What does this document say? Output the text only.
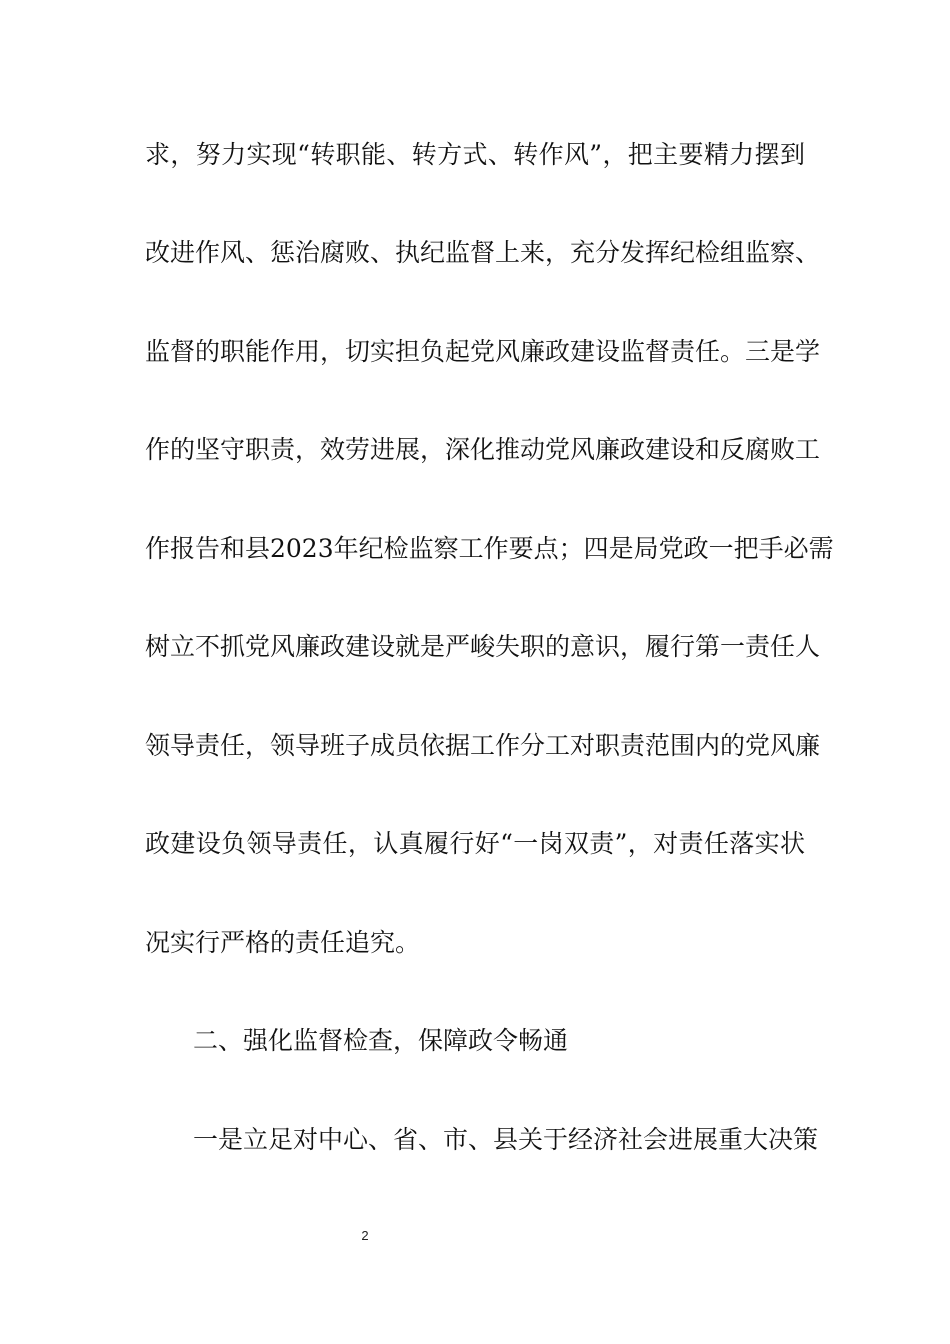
求，努力实现“转职能、转方式、转作风”，把主要精力摆到
改进作风、惩治腐败、执纪监督上来，充分发挥纪检组监察、
监督的职能作用，切实担负起党风廉政建设监督责任。三是学
作的坚守职责，效劳进展，深化推动党风廉政建设和反腐败工
作报告和县2023年纪检监察工作要点；四是局党政一把手必需
树立不抓党风廉政建设就是严峻失职的意识，履行第一责任人
领导责任，领导班子成员依据工作分工对职责范围内的党风廉
政建设负领导责任，认真履行好“一岗双责”，对责任落实状
况实行严格的责任追究。
二、强化监督检查，保障政令畅通
一是立足对中心、省、市、县关于经济社会进展重大决策
2
